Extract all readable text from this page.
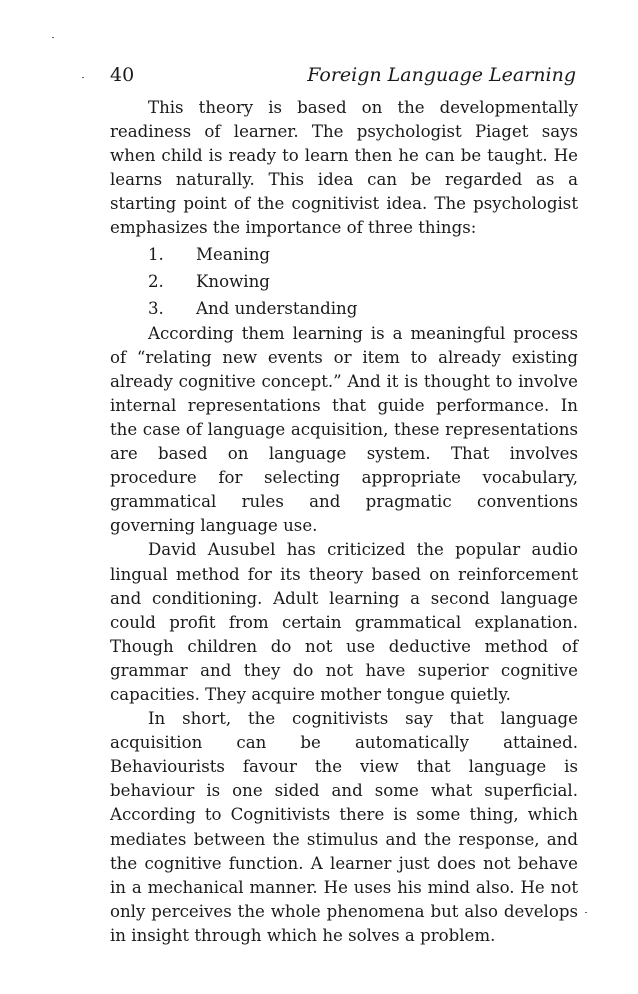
40	Foreign Language Learning

This theory is based on the developmentally readiness of learner. The psychologist Piaget says when child is ready to learn then he can be taught. He learns naturally. This idea can be regarded as a starting point of the cognitivist idea. The psychologist emphasizes the importance of three things:

1.	Meaning
2.	Knowing
3.	And understanding

According them learning is a meaningful process of “relating new events or item to already existing already cognitive concept.” And it is thought to involve internal representations that guide performance. In the case of language acquisition, these representations are based on language system. That involves procedure for selecting appropriate vocabulary, grammatical rules and pragmatic conventions governing language use.

David Ausubel has criticized the popular audio lingual method for its theory based on reinforcement and conditioning. Adult learning a second language could profit from certain grammatical explanation. Though children do not use deductive method of grammar and they do not have superior cognitive capacities. They acquire mother tongue quietly.

In short, the cognitivists say that language acquisition can be automatically attained. Behaviourists favour the view that language is behaviour is one sided and some what superficial. According to Cognitivists there is some thing, which mediates between the stimulus and the response, and the cognitive function. A learner just does not behave in a mechanical manner. He uses his mind also. He not only perceives the whole phenomena but also develops in insight through which he solves a problem.
